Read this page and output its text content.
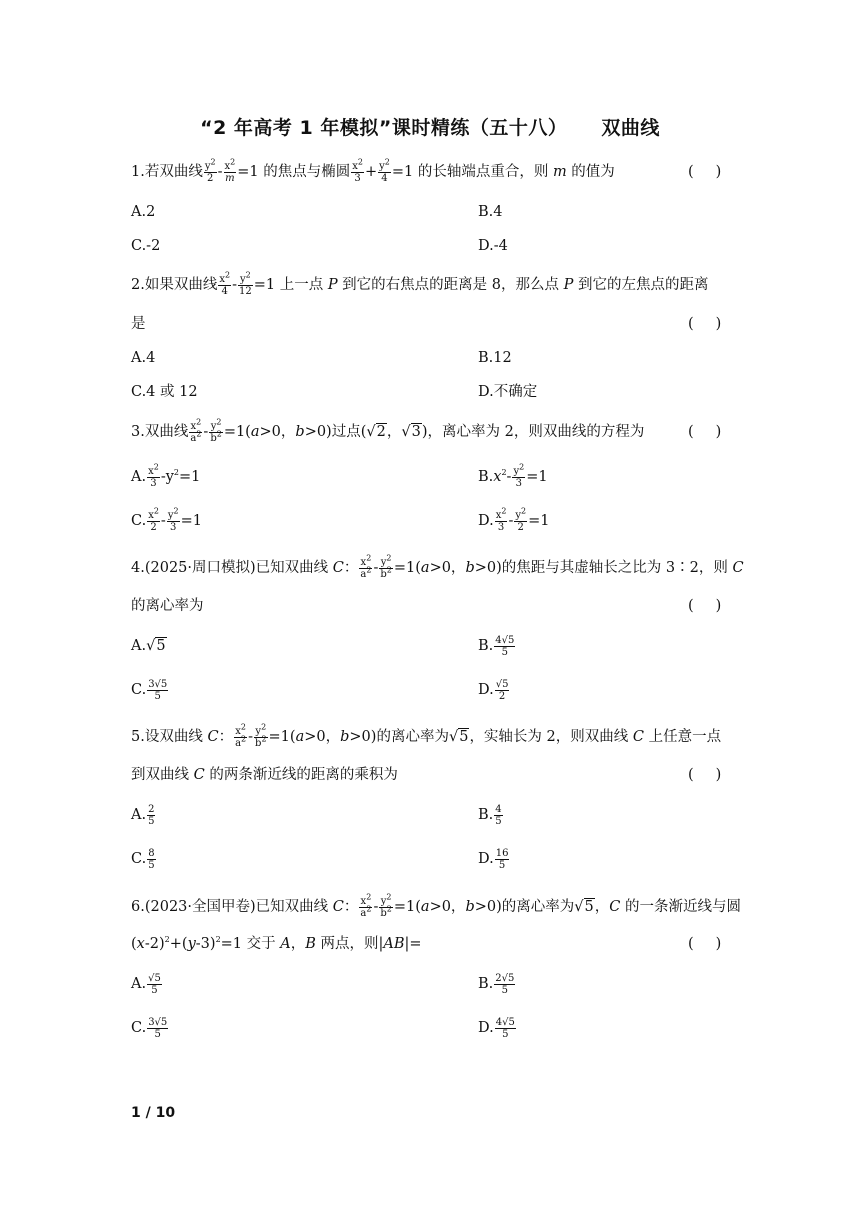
“2 年高考 1 年模拟”课时精练（五十八） 双曲线
1.若双曲线 $\frac{y^2}{2} - \frac{x^2}{m} =1$ 的焦点与椭圆 $\frac{x^2}{3} + \frac{y^2}{4} =1$ 的长轴端点重合，则 m 的值为	( )
A.2	B.4
C.-2	D.-4
2.如果双曲线 $\frac{x^2}{4} - \frac{y^2}{12} =1$ 上一点 P 到它的右焦点的距离是 8，那么点 P 到它的左焦点的距离
是	( )
A.4	B.12
C.4 或 12	D.不确定
3.双曲线 $\frac{x^2}{a^2} - \frac{y^2}{b^2} =1(a>0$，b>0)过点(√2，√3)，离心率为 2，则双曲线的方程为	( )
A. $\frac{x^2}{3} -y^2=1$	$B.x^2- \frac{y^2}{3} =1$
C. $\frac{x^2}{2} - \frac{y^2}{3} =1$	D. $\frac{x^2}{3} - \frac{y^2}{2} =1$
4.(2025·周口模拟)已知双曲线 C： $\frac{x^2}{a^2} - \frac{y^2}{b^2} =1(a>0$，b>0)的焦距与其虚轴长之比为 3∶2，则 C
的离心率为	( )
A.√5	B. $\frac{4√5}{5}$
C. $\frac{3√5}{5}$	D. $\frac{√5}{2}$
5.设双曲线 C： $\frac{x^2}{a^2} - \frac{y^2}{b^2} =1(a>0$，b>0)的离心率为√5，实轴长为 2，则双曲线 C 上任意一点
到双曲线 C 的两条渐近线的距离的乘积为	( )
A. $\frac{2}{5}$	B. $\frac{4}{5}$
C. $\frac{8}{5}$	D. $\frac{16}{5}$
6.(2023·全国甲卷)已知双曲线 C： $\frac{x^2}{a^2} - \frac{y^2}{b^2} =1(a>0$，b>0)的离心率为√5，C 的一条渐近线与圆
$(x-2)^2+(y-3)^2=1$ 交于 A，B 两点，则|AB|=	( )
A. $\frac{√5}{5}$	B. $\frac{2√5}{5}$
C. $\frac{3√5}{5}$	D. $\frac{4√5}{5}$
1 / 10
